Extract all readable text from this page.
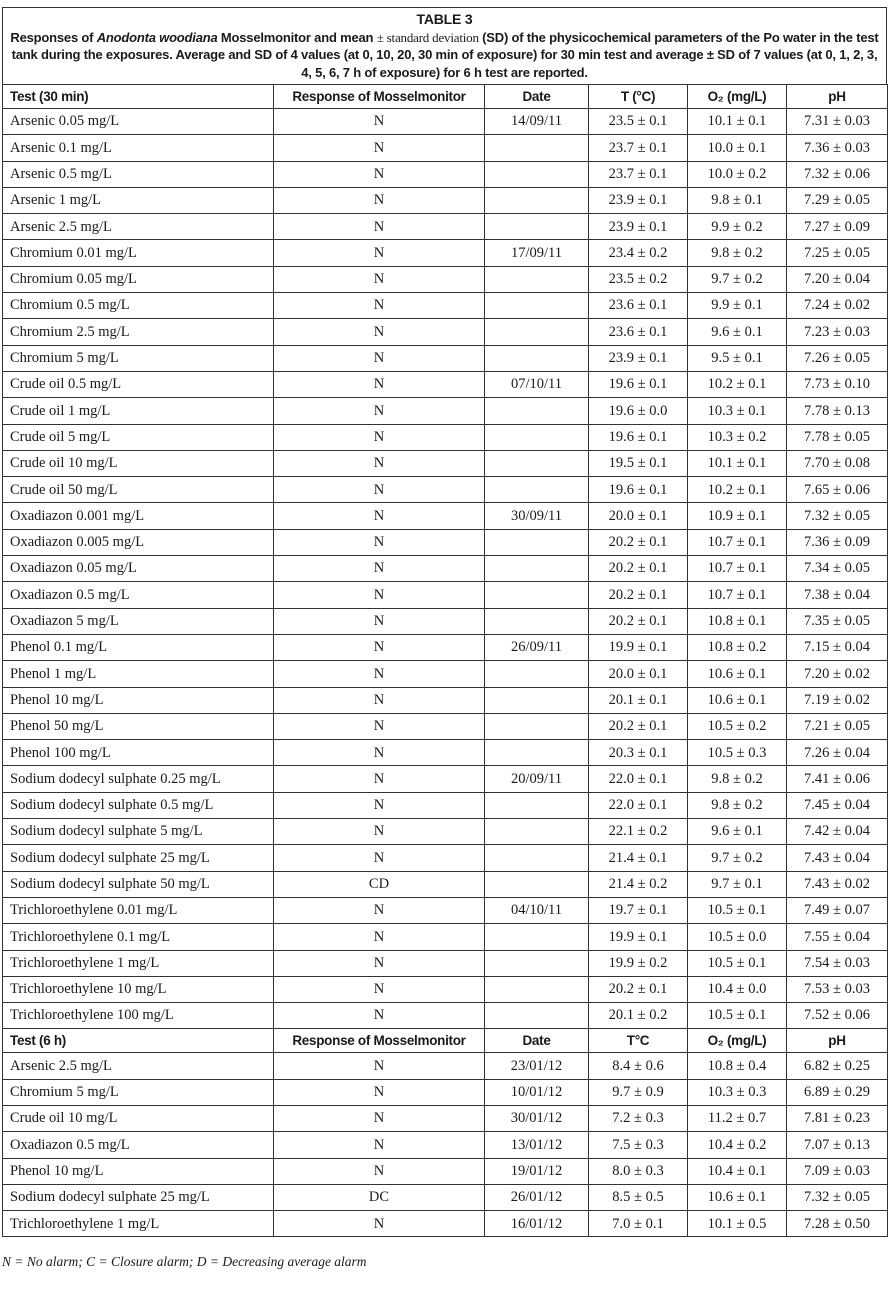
TABLE 3
Responses of Anodonta woodiana Mosselmonitor and mean ± standard deviation (SD) of the physicochemical parameters of the Po water in the test tank during the exposures. Average and SD of 4 values (at 0, 10, 20, 30 min of exposure) for 30 min test and average ± SD of 7 values (at 0, 1, 2, 3, 4, 5, 6, 7 h of exposure) for 6 h test are reported.
Test (30 min)	Response of Mosselmonitor	Date	T (°C)	O₂ (mg/L)	pH
Arsenic 0.05 mg/L	N	14/09/11	23.5 ± 0.1	10.1 ± 0.1	7.31 ± 0.03
Arsenic 0.1 mg/L	N		23.7 ± 0.1	10.0 ± 0.1	7.36 ± 0.03
Arsenic 0.5 mg/L	N		23.7 ± 0.1	10.0 ± 0.2	7.32 ± 0.06
Arsenic 1 mg/L	N		23.9 ± 0.1	9.8 ± 0.1	7.29 ± 0.05
Arsenic 2.5 mg/L	N		23.9 ± 0.1	9.9 ± 0.2	7.27 ± 0.09
Chromium 0.01 mg/L	N	17/09/11	23.4 ± 0.2	9.8 ± 0.2	7.25 ± 0.05
Chromium 0.05 mg/L	N		23.5 ± 0.2	9.7 ± 0.2	7.20 ± 0.04
Chromium 0.5 mg/L	N		23.6 ± 0.1	9.9 ± 0.1	7.24 ± 0.02
Chromium 2.5 mg/L	N		23.6 ± 0.1	9.6 ± 0.1	7.23 ± 0.03
Chromium 5 mg/L	N		23.9 ± 0.1	9.5 ± 0.1	7.26 ± 0.05
Crude oil 0.5 mg/L	N	07/10/11	19.6 ± 0.1	10.2 ± 0.1	7.73 ± 0.10
Crude oil 1 mg/L	N		19.6 ± 0.0	10.3 ± 0.1	7.78 ± 0.13
Crude oil 5 mg/L	N		19.6 ± 0.1	10.3 ± 0.2	7.78 ± 0.05
Crude oil 10 mg/L	N		19.5 ± 0.1	10.1 ± 0.1	7.70 ± 0.08
Crude oil 50 mg/L	N		19.6 ± 0.1	10.2 ± 0.1	7.65 ± 0.06
Oxadiazon 0.001 mg/L	N	30/09/11	20.0 ± 0.1	10.9 ± 0.1	7.32 ± 0.05
Oxadiazon 0.005 mg/L	N		20.2 ± 0.1	10.7 ± 0.1	7.36 ± 0.09
Oxadiazon 0.05 mg/L	N		20.2 ± 0.1	10.7 ± 0.1	7.34 ± 0.05
Oxadiazon 0.5 mg/L	N		20.2 ± 0.1	10.7 ± 0.1	7.38 ± 0.04
Oxadiazon 5 mg/L	N		20.2 ± 0.1	10.8 ± 0.1	7.35 ± 0.05
Phenol 0.1 mg/L	N	26/09/11	19.9 ± 0.1	10.8 ± 0.2	7.15 ± 0.04
Phenol 1 mg/L	N		20.0 ± 0.1	10.6 ± 0.1	7.20 ± 0.02
Phenol 10 mg/L	N		20.1 ± 0.1	10.6 ± 0.1	7.19 ± 0.02
Phenol 50 mg/L	N		20.2 ± 0.1	10.5 ± 0.2	7.21 ± 0.05
Phenol 100 mg/L	N		20.3 ± 0.1	10.5 ± 0.3	7.26 ± 0.04
Sodium dodecyl sulphate 0.25 mg/L	N	20/09/11	22.0 ± 0.1	9.8 ± 0.2	7.41 ± 0.06
Sodium dodecyl sulphate 0.5 mg/L	N		22.0 ± 0.1	9.8 ± 0.2	7.45 ± 0.04
Sodium dodecyl sulphate 5 mg/L	N		22.1 ± 0.2	9.6 ± 0.1	7.42 ± 0.04
Sodium dodecyl sulphate 25 mg/L	N		21.4 ± 0.1	9.7 ± 0.2	7.43 ± 0.04
Sodium dodecyl sulphate 50 mg/L	CD		21.4 ± 0.2	9.7 ± 0.1	7.43 ± 0.02
Trichloroethylene 0.01 mg/L	N	04/10/11	19.7 ± 0.1	10.5 ± 0.1	7.49 ± 0.07
Trichloroethylene 0.1 mg/L	N		19.9 ± 0.1	10.5 ± 0.0	7.55 ± 0.04
Trichloroethylene 1 mg/L	N		19.9 ± 0.2	10.5 ± 0.1	7.54 ± 0.03
Trichloroethylene 10 mg/L	N		20.2 ± 0.1	10.4 ± 0.0	7.53 ± 0.03
Trichloroethylene 100 mg/L	N		20.1 ± 0.2	10.5 ± 0.1	7.52 ± 0.06
Test (6 h)	Response of Mosselmonitor	Date	T°C	O₂ (mg/L)	pH
Arsenic 2.5 mg/L	N	23/01/12	8.4 ± 0.6	10.8 ± 0.4	6.82 ± 0.25
Chromium 5 mg/L	N	10/01/12	9.7 ± 0.9	10.3 ± 0.3	6.89 ± 0.29
Crude oil 10 mg/L	N	30/01/12	7.2 ± 0.3	11.2 ± 0.7	7.81 ± 0.23
Oxadiazon 0.5 mg/L	N	13/01/12	7.5 ± 0.3	10.4 ± 0.2	7.07 ± 0.13
Phenol 10 mg/L	N	19/01/12	8.0 ± 0.3	10.4 ± 0.1	7.09 ± 0.03
Sodium dodecyl sulphate 25 mg/L	DC	26/01/12	8.5 ± 0.5	10.6 ± 0.1	7.32 ± 0.05
Trichloroethylene 1 mg/L	N	16/01/12	7.0 ± 0.1	10.1 ± 0.5	7.28 ± 0.50
N = No alarm; C = Closure alarm; D = Decreasing average alarm
